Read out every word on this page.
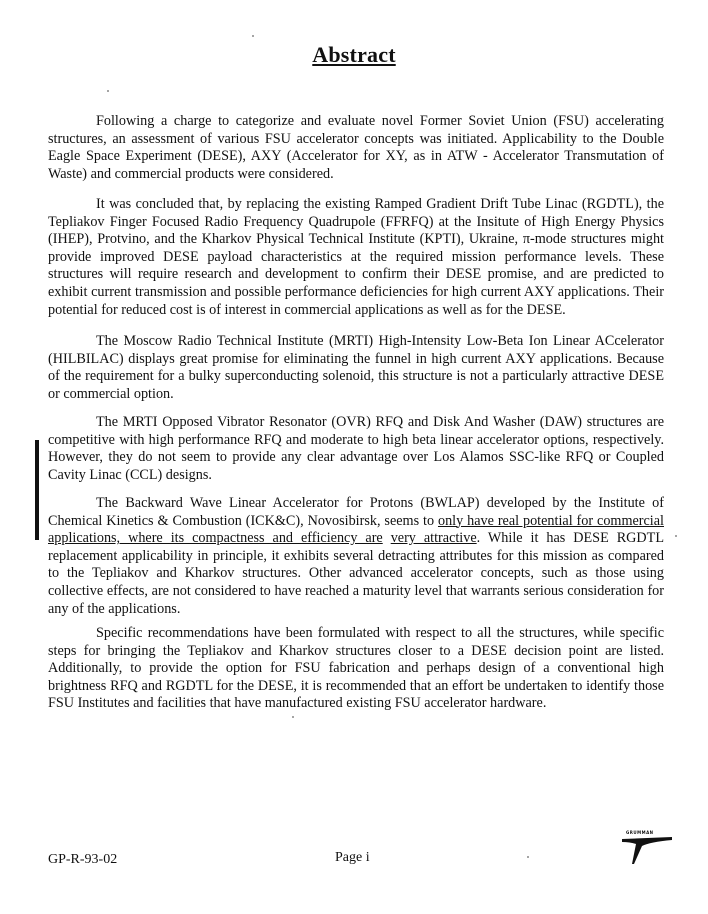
Abstract

Following a charge to categorize and evaluate novel Former Soviet Union (FSU) accelerating structures, an assessment of various FSU accelerator concepts was initiated. Applicability to the Double Eagle Space Experiment (DESE), AXY (Accelerator for XY, as in ATW - Accelerator Transmutation of Waste) and commercial products were considered.

It was concluded that, by replacing the existing Ramped Gradient Drift Tube Linac (RGDTL), the Tepliakov Finger Focused Radio Frequency Quadrupole (FFRFQ) at the Insitute of High Energy Physics (IHEP), Protvino, and the Kharkov Physical Technical Institute (KPTI), Ukraine, π-mode structures might provide improved DESE payload characteristics at the required mission performance levels. These structures will require research and development to confirm their DESE promise, and are predicted to exhibit current transmission and possible performance deficiencies for high current AXY applications. Their potential for reduced cost is of interest in commercial applications as well as for the DESE.

The Moscow Radio Technical Institute (MRTI) High-Intensity Low-Beta Ion Linear ACcelerator (HILBILAC) displays great promise for eliminating the funnel in high current AXY applications. Because of the requirement for a bulky superconducting solenoid, this structure is not a particularly attractive DESE or commercial option.

The MRTI Opposed Vibrator Resonator (OVR) RFQ and Disk And Washer (DAW) structures are competitive with high performance RFQ and moderate to high beta linear accelerator options, respectively. However, they do not seem to provide any clear advantage over Los Alamos SSC-like RFQ or Coupled Cavity Linac (CCL) designs.

The Backward Wave Linear Accelerator for Protons (BWLAP) developed by the Institute of Chemical Kinetics & Combustion (ICK&C), Novosibirsk, seems to only have real potential for commercial applications, where its compactness and efficiency are very attractive. While it has DESE RGDTL replacement applicability in principle, it exhibits several detracting attributes for this mission as compared to the Tepliakov and Kharkov structures. Other advanced accelerator concepts, such as those using collective effects, are not considered to have reached a maturity level that warrants serious consideration for any of the applications.

Specific recommendations have been formulated with respect to all the structures, while specific steps for bringing the Tepliakov and Kharkov structures closer to a DESE decision point are listed. Additionally, to provide the option for FSU fabrication and perhaps design of a conventional high brightness RFQ and RGDTL for the DESE, it is recommended that an effort be undertaken to identify those FSU Institutes and facilities that have manufactured existing FSU accelerator hardware.

GP-R-93-02	Page i
GRUMMAN
